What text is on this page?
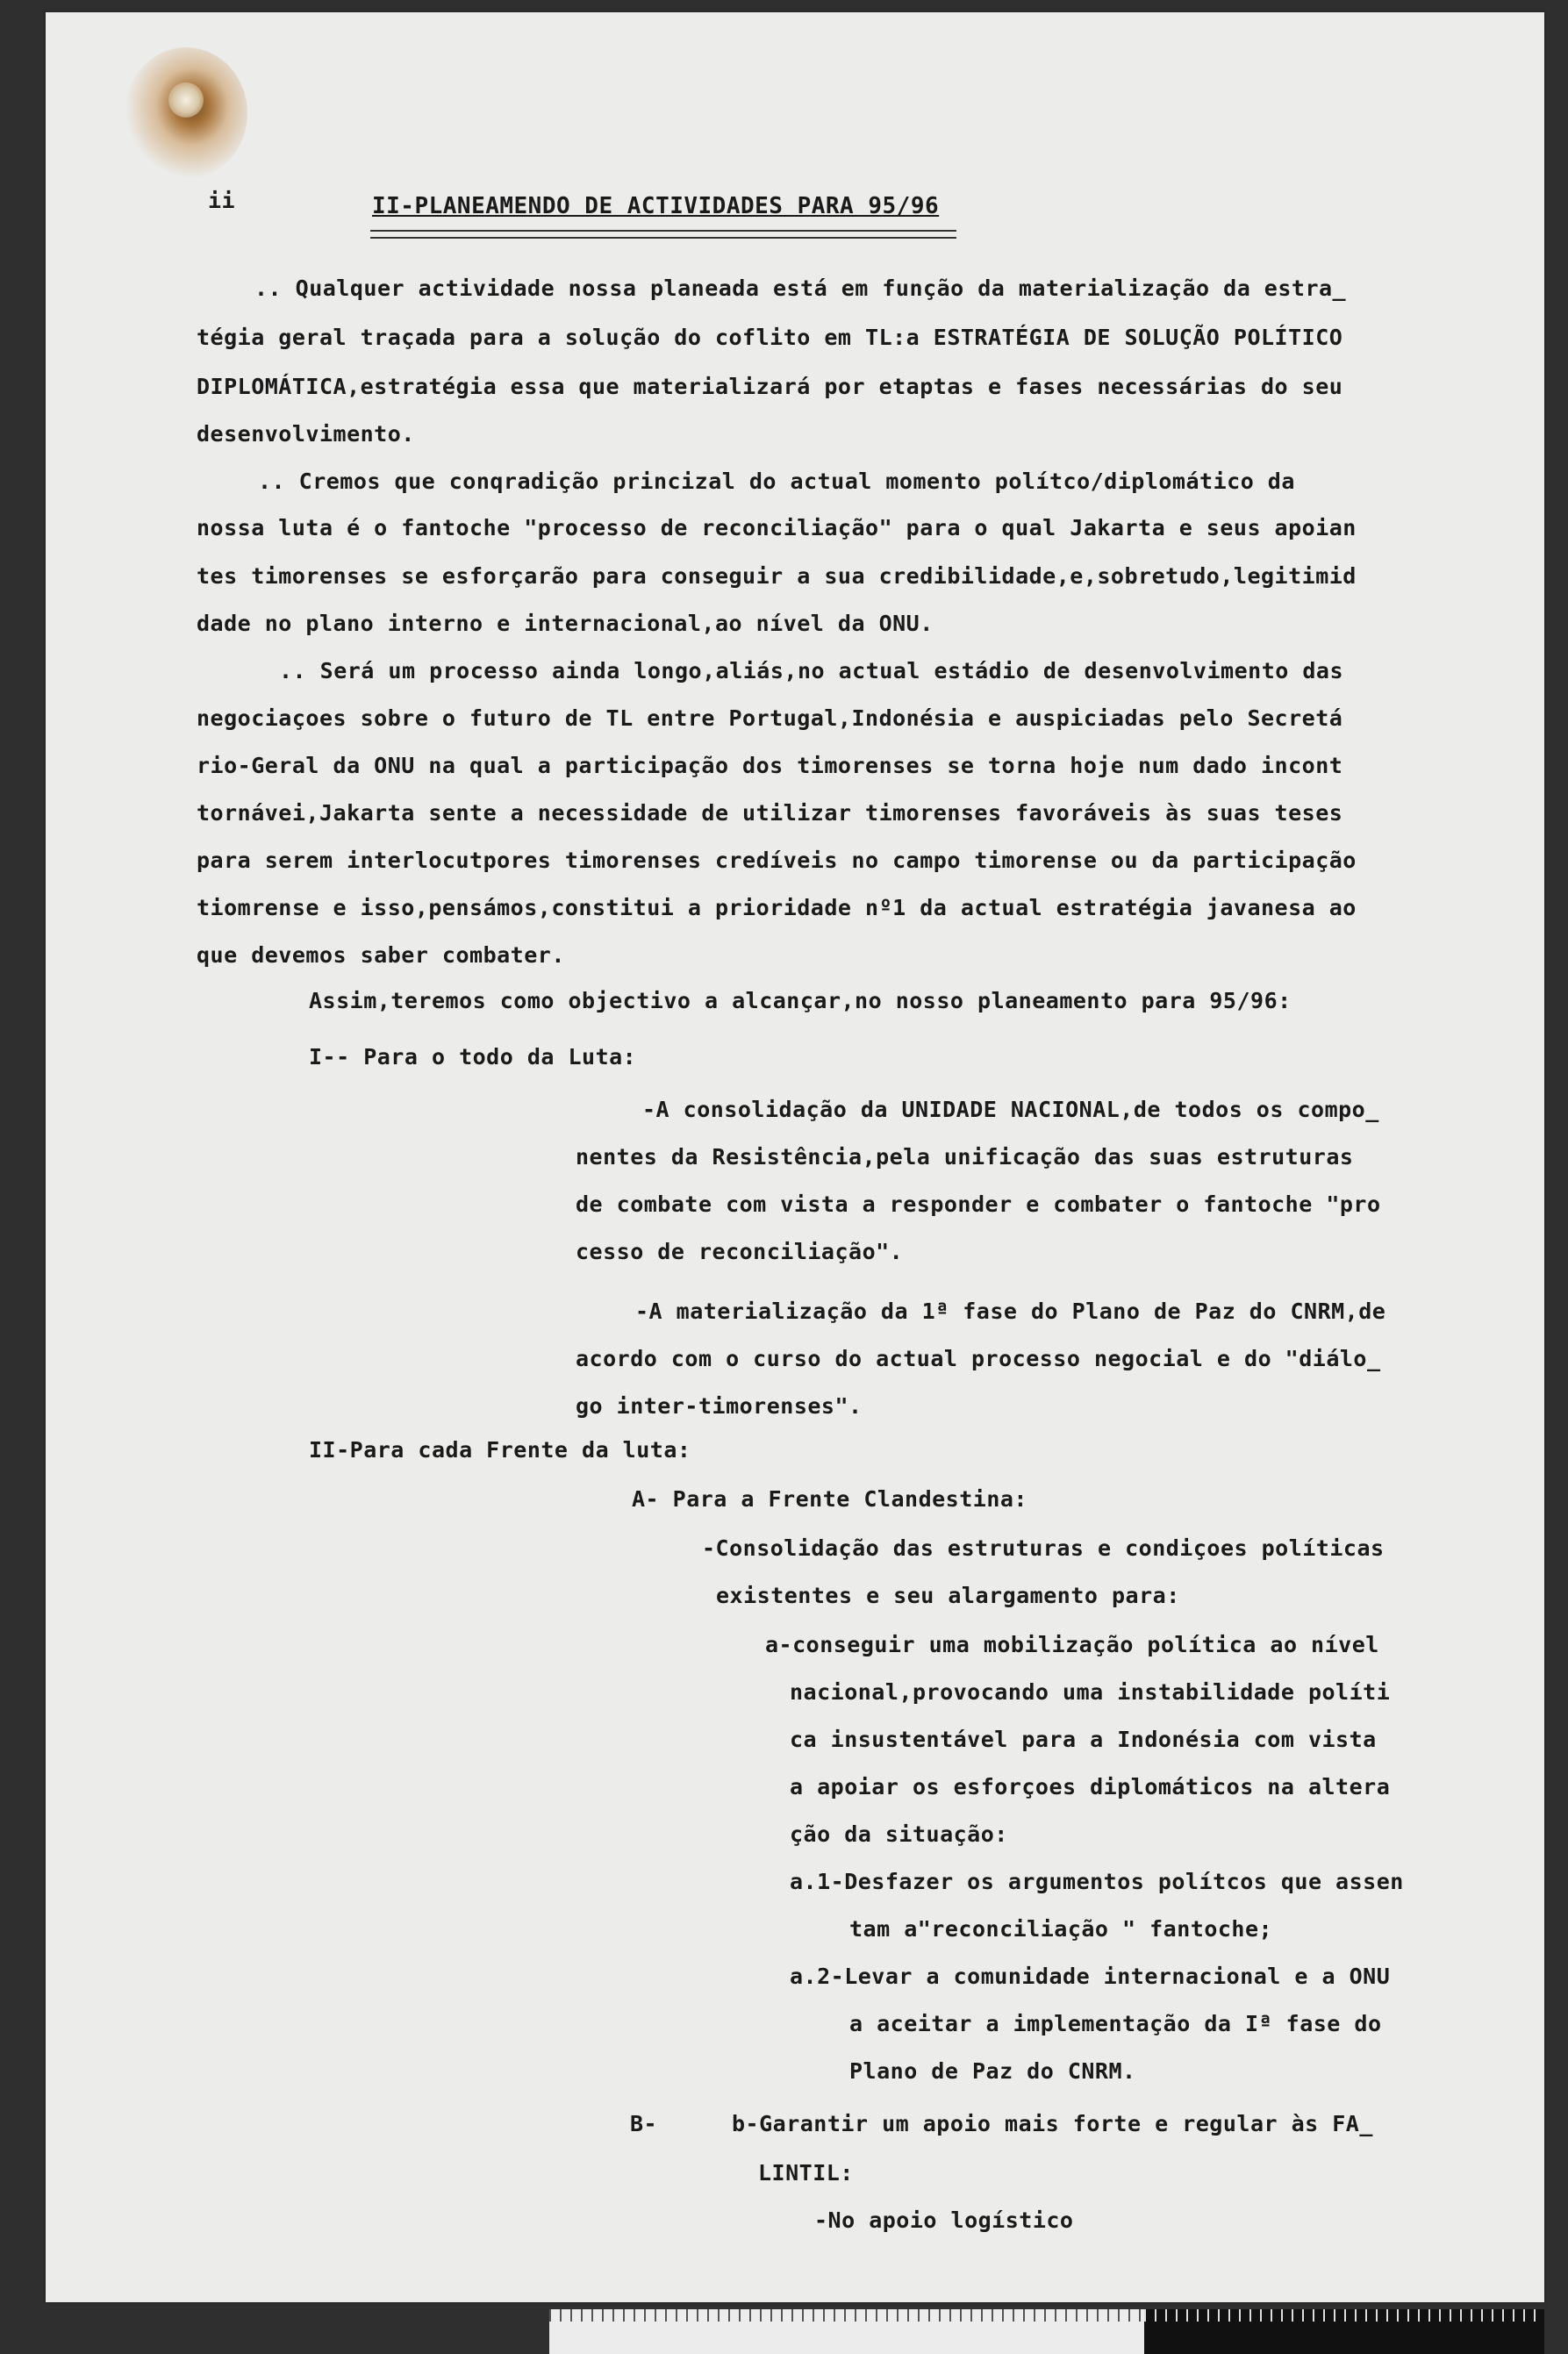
ii	II-PLANEAMENDO DE ACTIVIDADES PARA 95/96
.. Qualquer actividade nossa planeada está em função da materialização da estra_
tégia geral traçada para a solução do coflito em TL:a ESTRATÉGIA DE SOLUÇÃO POLÍTICO
DIPLOMÁTICA,estratégia essa que materializará por etaptas e fases necessárias do seu
desenvolvimento.
.. Cremos que conqradição princizal do actual momento polítco/diplomático da
nossa luta é o fantoche "processo de reconciliação" para o qual Jakarta e seus apoian
tes timorenses se esforçarão para conseguir a sua credibilidade,e,sobretudo,legitimid
dade no plano interno e internacional,ao nível da ONU.
.. Será um processo ainda longo,aliás,no actual estádio de desenvolvimento das
negociaçoes sobre o futuro de TL entre Portugal,Indonésia e auspiciadas pelo Secretá
rio-Geral da ONU na qual a participação dos timorenses se torna hoje num dado incont
tornávei,Jakarta sente a necessidade de utilizar timorenses favoráveis às suas teses
para serem interlocutpores timorenses credíveis no campo timorense ou da participação
tiomrense e isso,pensámos,constitui a prioridade nº1 da actual estratégia javanesa ao
que devemos saber combater.
Assim,teremos como objectivo a alcançar,no nosso planeamento para 95/96:
I-- Para o todo da Luta:
-A consolidação da UNIDADE NACIONAL,de todos os compo_
nentes da Resistência,pela unificação das suas estruturas
de combate com vista a responder e combater o fantoche "pro
cesso de reconciliação".
-A materialização da 1ª fase do Plano de Paz do CNRM,de
acordo com o curso do actual processo negocial e do "diálo_
go inter-timorenses".
II-Para cada Frente da luta:
A- Para a Frente Clandestina:
-Consolidação das estruturas e condiçoes políticas
existentes e seu alargamento para:
a-conseguir uma mobilização política ao nível
nacional,provocando uma instabilidade políti
ca insustentável para a Indonésia com vista
a apoiar os esforçoes diplomáticos na altera
ção da situação:
a.1-Desfazer os argumentos polítcos que assen
tam a"reconciliação " fantoche;
a.2-Levar a comunidade internacional e a ONU
a aceitar a implementação da Iª fase do
Plano de Paz do CNRM.
B-	b-Garantir um apoio mais forte e regular às FA_
LINTIL:
-No apoio logístico
